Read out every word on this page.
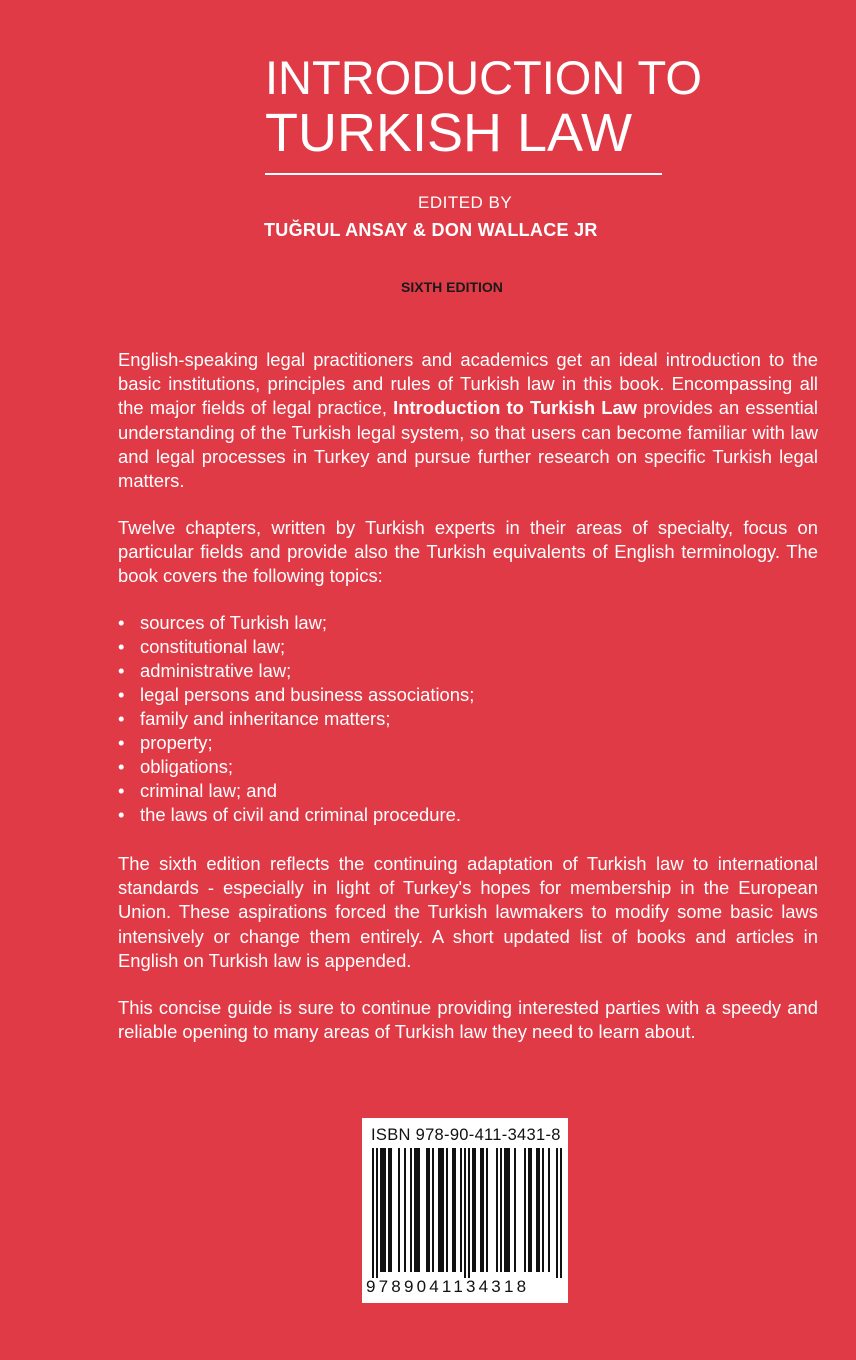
INTRODUCTION TO
TURKISH LAW
EDITED BY
TUĞRUL ANSAY & DON WALLACE JR
SIXTH EDITION
English-speaking legal practitioners and academics get an ideal introduction to the basic institutions, principles and rules of Turkish law in this book. Encompassing all the major fields of legal practice, Introduction to Turkish Law provides an essential understanding of the Turkish legal system, so that users can become familiar with law and legal processes in Turkey and pursue further research on specific Turkish legal matters.
Twelve chapters, written by Turkish experts in their areas of specialty, focus on particular fields and provide also the Turkish equivalents of English terminology. The book covers the following topics:
• sources of Turkish law;
• constitutional law;
• administrative law;
• legal persons and business associations;
• family and inheritance matters;
• property;
• obligations;
• criminal law; and
• the laws of civil and criminal procedure.
The sixth edition reflects the continuing adaptation of Turkish law to international standards - especially in light of Turkey's hopes for membership in the European Union. These aspirations forced the Turkish lawmakers to modify some basic laws intensively or change them entirely. A short updated list of books and articles in English on Turkish law is appended.
This concise guide is sure to continue providing interested parties with a speedy and reliable opening to many areas of Turkish law they need to learn about.
ISBN 978-90-411-3431-8
9789041134318
